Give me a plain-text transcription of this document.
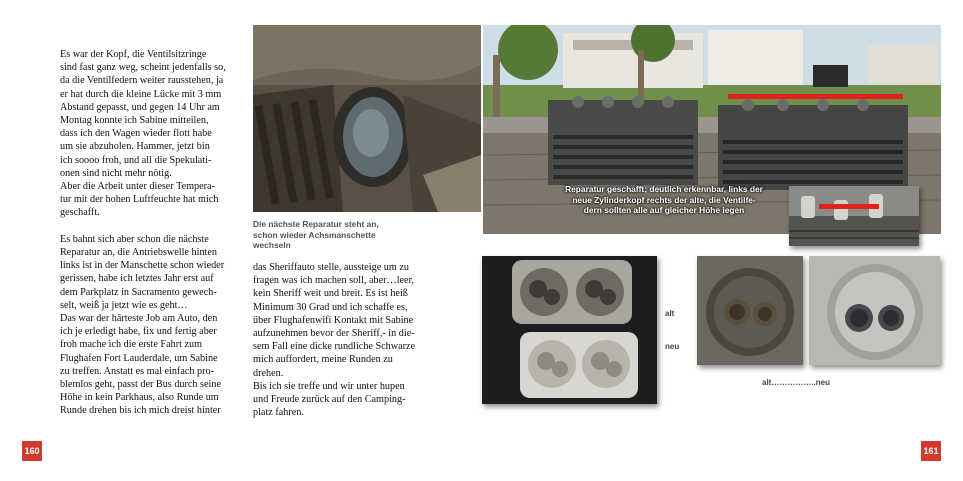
Es war der Kopf, die Ventilsitzringe
sind fast ganz weg, scheint jedenfalls so,
da die Ventilfedern weiter rausstehen, ja
er hat durch die kleine Lücke mit 3 mm
Abstand gepasst, und gegen 14 Uhr am
Montag konnte ich Sabine mitteilen,
dass ich den Wagen wieder flott habe
um sie abzuholen. Hammer, jetzt bin
ich soooo froh, und all die Spekulati-
onen sind nicht mehr nötig.
Aber die Arbeit unter dieser Tempera-
tur mit der hohen Luftfeuchte hat mich
geschafft.

Es bahnt sich aber schon die nächste
Reparatur an, die Antriebswelle hinten
links ist in der Manschette schon wieder
gerissen, habe ich letztes Jahr erst auf
dem Parkplatz in Sacramento gewech-
selt, weiß ja jetzt wie es geht…
Das war der härteste Job am Auto, den
ich je erledigt habe, fix und fertig aber
froh mache ich die erste Fahrt zum
Flughafen Fort Lauderdale, um Sabine
zu treffen. Anstatt es mal einfach pro-
blemlos geht, passt der Bus durch seine
Höhe in kein Parkhaus, also Runde um
Runde drehen bis ich mich dreist hinter
das Sheriffauto stelle, aussteige um zu
fragen was ich machen soll, aber…leer,
kein Sheriff weit und breit. Es ist heiß
Minimum 30 Grad und ich schaffe es,
über Flughafenwifi Kontakt mit Sabine
aufzunehmen bevor der Sheriff,- in die-
sem Fall eine dicke rundliche Schwarze
mich auffordert, meine Runden zu
drehen.
Bis ich sie treffe und wir unter hupen
und Freude zurück auf den Camping-
platz fahren.
Die nächste Reparatur steht an,
schon wieder Achsmanschette
wechseln
Reparatur geschafft; deutlich erkennbar, links der
neue Zylinderkopf rechts der alte, die Ventilfe-
dern sollten alle auf gleicher Höhe iegen
alt
neu
alt……………..neu
160	161
